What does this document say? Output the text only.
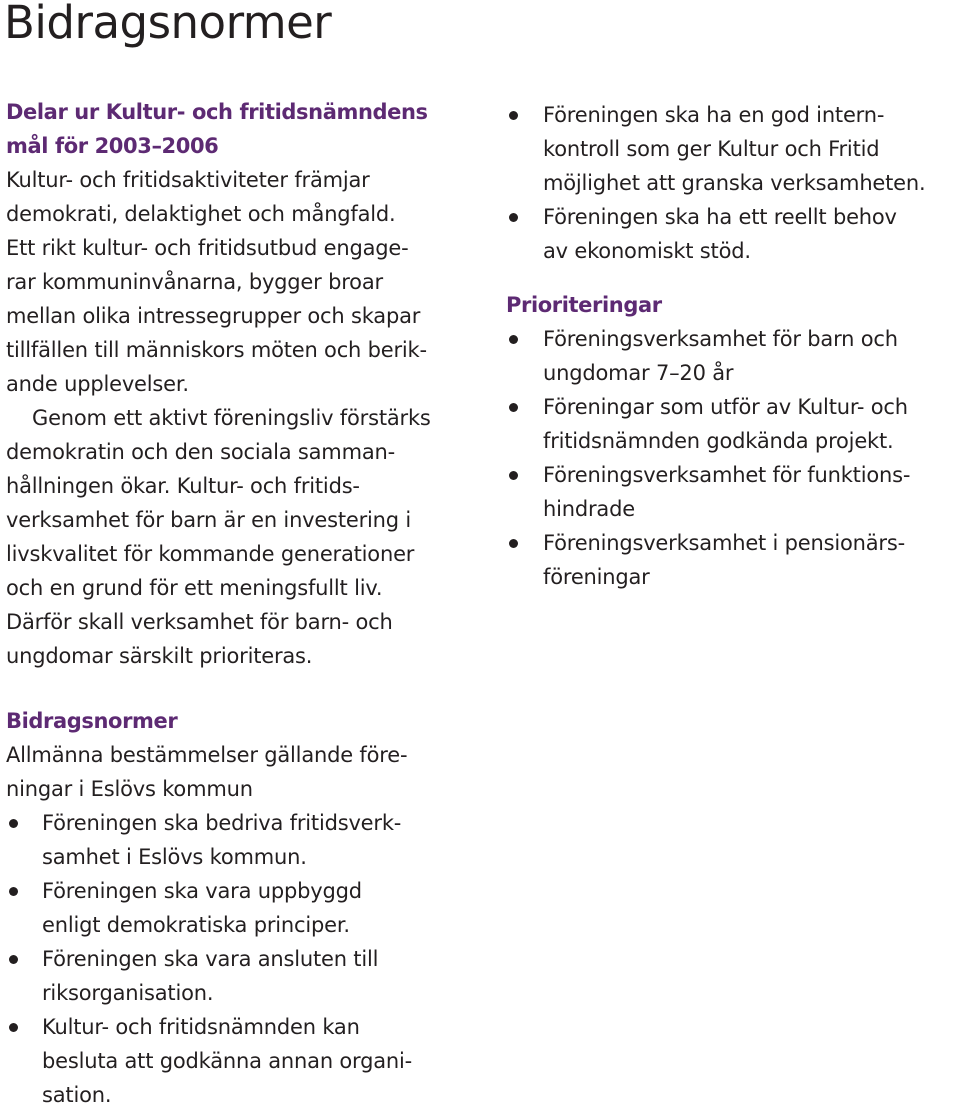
Bidragsnormer

Delar ur Kultur- och fritidsnämndens
mål för 2003–2006

Kultur- och fritidsaktiviteter främjar
demokrati, delaktighet och mångfald.
Ett rikt kultur- och fritidsutbud engage-
rar kommuninvånarna, bygger broar
mellan olika intressegrupper och skapar
tillfällen till människors möten och berik-
ande upplevelser.

Genom ett aktivt föreningsliv förstärks
demokratin och den sociala samman-
hållningen ökar. Kultur- och fritids-
verksamhet för barn är en investering i
livskvalitet för kommande generationer
och en grund för ett meningsfullt liv.
Därför skall verksamhet för barn- och
ungdomar särskilt prioriteras.

Bidragsnormer

Allmänna bestämmelser gällande före-
ningar i Eslövs kommun

Föreningen ska bedriva fritidsverk-
samhet i Eslövs kommun.
Föreningen ska vara uppbyggd
enligt demokratiska principer.
Föreningen ska vara ansluten till
riksorganisation.
Kultur- och fritidsnämnden kan
besluta att godkänna annan organi-
sation.
Föreningen ska ha en god intern-
kontroll som ger Kultur och Fritid
möjlighet att granska verksamheten.
Föreningen ska ha ett reellt behov
av ekonomiskt stöd.

Prioriteringar

Föreningsverksamhet för barn och
ungdomar 7–20 år
Föreningar som utför av Kultur- och
fritidsnämnden godkända projekt.
Föreningsverksamhet för funktions-
hindrade
Föreningsverksamhet i pensionärs-
föreningar
